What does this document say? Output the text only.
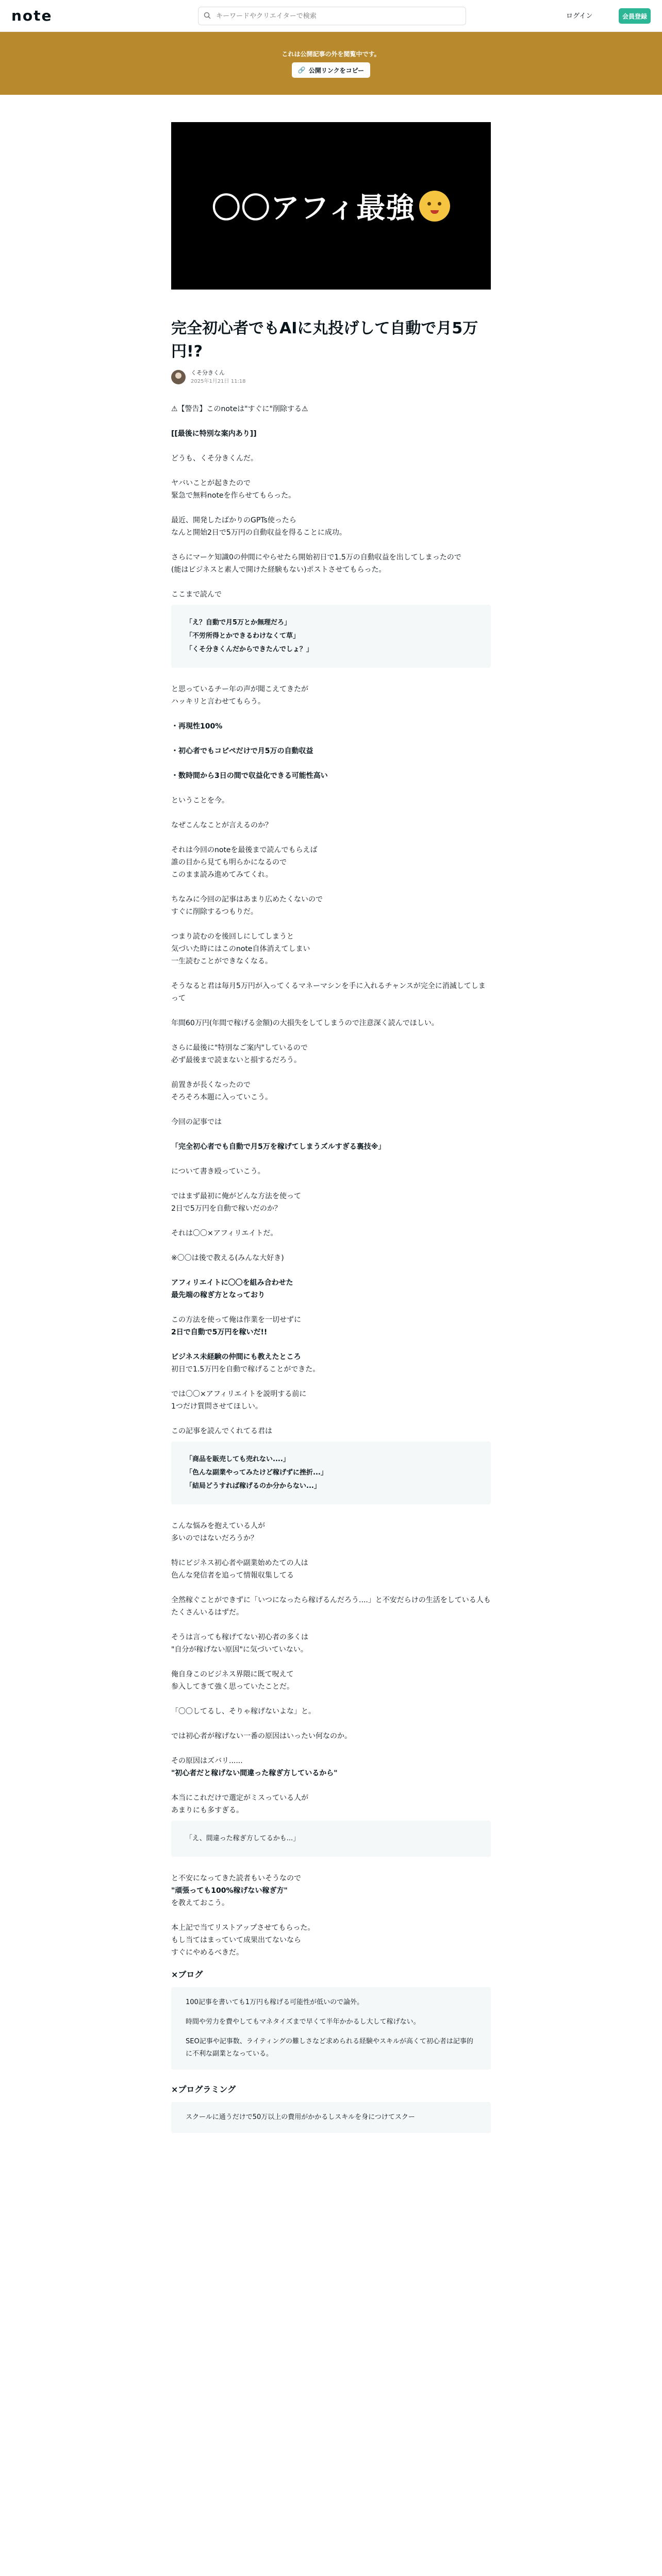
note
キーワードやクリエイターで検索	ログイン	会員登録
これは公開記事の外を閲覧中です。
🔗 公開リンクをコピー
〇〇アフィ最強
完全初心者でもAIに丸投げして自動で月5万円!?
くそ分きくん
2025年1月21日 11:18

⚠【警告】このnoteは"すぐに"削除する⚠

[[最後に特別な案内あり]]

どうも、くそ分きくんだ。

ヤバいことが起きたので

緊急で無料noteを作らせてもらった。

最近、開発したばかりのGPTs使ったら

なんと開始2日で5万円の自動収益を得ることに成功。

さらにマーケ知識0の仲間にやらせたら開始初日で1.5万の自動収益を出してしまったので

(能はビジネスと素人で開けた経験もない)ポストさせてもらった。

ここまで読んで

「え？自動で月5万とか無理だろ」

「不労所得とかできるわけなくて草」

「くそ分きくんだからできたんでしょ？」

と思っているチー年の声が聞こえてきたが

ハッキリと言わせてもらう。

・再現性100%

・初心者でもコピペだけで月5万の自動収益

・数時間から3日の間で収益化できる可能性高い

ということを今。

なぜこんなことが言えるのか？

それは今回のnoteを最後まで読んでもらえば

誰の目から見ても明らかになるので

このまま読み進めてみてくれ。

ちなみに今回の記事はあまり広めたくないので

すぐに削除するつもりだ。

つまり読むのを後回しにしてしまうと

気づいた時にはこのnote自体消えてしまい

一生読むことができなくなる。

そうなると君は毎月5万円が入ってくるマネーマシンを手に入れるチャンスが完全に消滅してしまって

年間60万円(年間で稼げる金額)の大損失をしてしまうので注意深く読んでほしい。

さらに最後に"特別なご案内"しているので

必ず最後まで読まないと損するだろう。

前置きが長くなったので

そろそろ本題に入っていこう。

今回の記事では

「完全初心者でも自動で月5万を稼げてしまうズルすぎる裏技※」

について書き殴っていこう。

ではまず最初に俺がどんな方法を使って

2日で5万円を自動で稼いだのか？

それは〇〇×アフィリエイトだ。

※〇〇は後で教える(みんな大好き)

アフィリエイトに〇〇を組み合わせた

最先端の稼ぎ方となっており

この方法を使って俺は作業を一切せずに

2日で自動で5万円を稼いだ!!

ビジネス未経験の仲間にも教えたところ

初日で1.5万円を自動で稼げることができた。

では〇〇×アフィリエイトを説明する前に

1つだけ質問させてほしい。

この記事を読んでくれてる君は

「商品を販売しても売れない....」

「色んな副業やってみたけど稼げずに挫折...」

「結局どうすれば稼げるのか分からない...」

こんな悩みを抱えている人が

多いのではないだろうか？

特にビジネス初心者や副業始めたての人は

色んな発信者を追って情報収集してる

全然稼ぐことができずに「いつになったら稼げるんだろう....」と不安だらけの生活をしている人もたくさんいるはずだ。

そうは言っても稼げてない初心者の多くは

"自分が稼げない原因"に気づいていない。

俺自身このビジネス界隈に既て呪えて

参入してきて強く思っていたことだ。

「〇〇してるし、そりゃ稼げないよな」と。

では初心者が稼げない一番の原因はいったい何なのか。

その原因はズバリ......

"初心者だと稼げない間違った稼ぎ方しているから"

本当にこれだけで選定がミスっている人が

あまりにも多すぎる。

「え、間違った稼ぎ方してるかも...」

と不安になってきた読者もいそうなので

"頑張っても100%稼げない稼ぎ方"

を教えておこう。

本上記で当てリストアップさせてもらった。

もし当てはまっていて成果出てないなら

すぐにやめるべきだ。

×ブログ

100記事を書いても1万円も稼げる可能性が低いので論外。

時間や労力を費やしてもマネタイズまで早くて半年かかるし大して稼げない。

SEO記事や記事数、ライティングの難しさなど求められる経験やスキルが高くて初心者は記事的に不利な副業となっている。

×プログラミング

スクールに通うだけで50万以上の費用がかかるしスキルを身につけてスクー
